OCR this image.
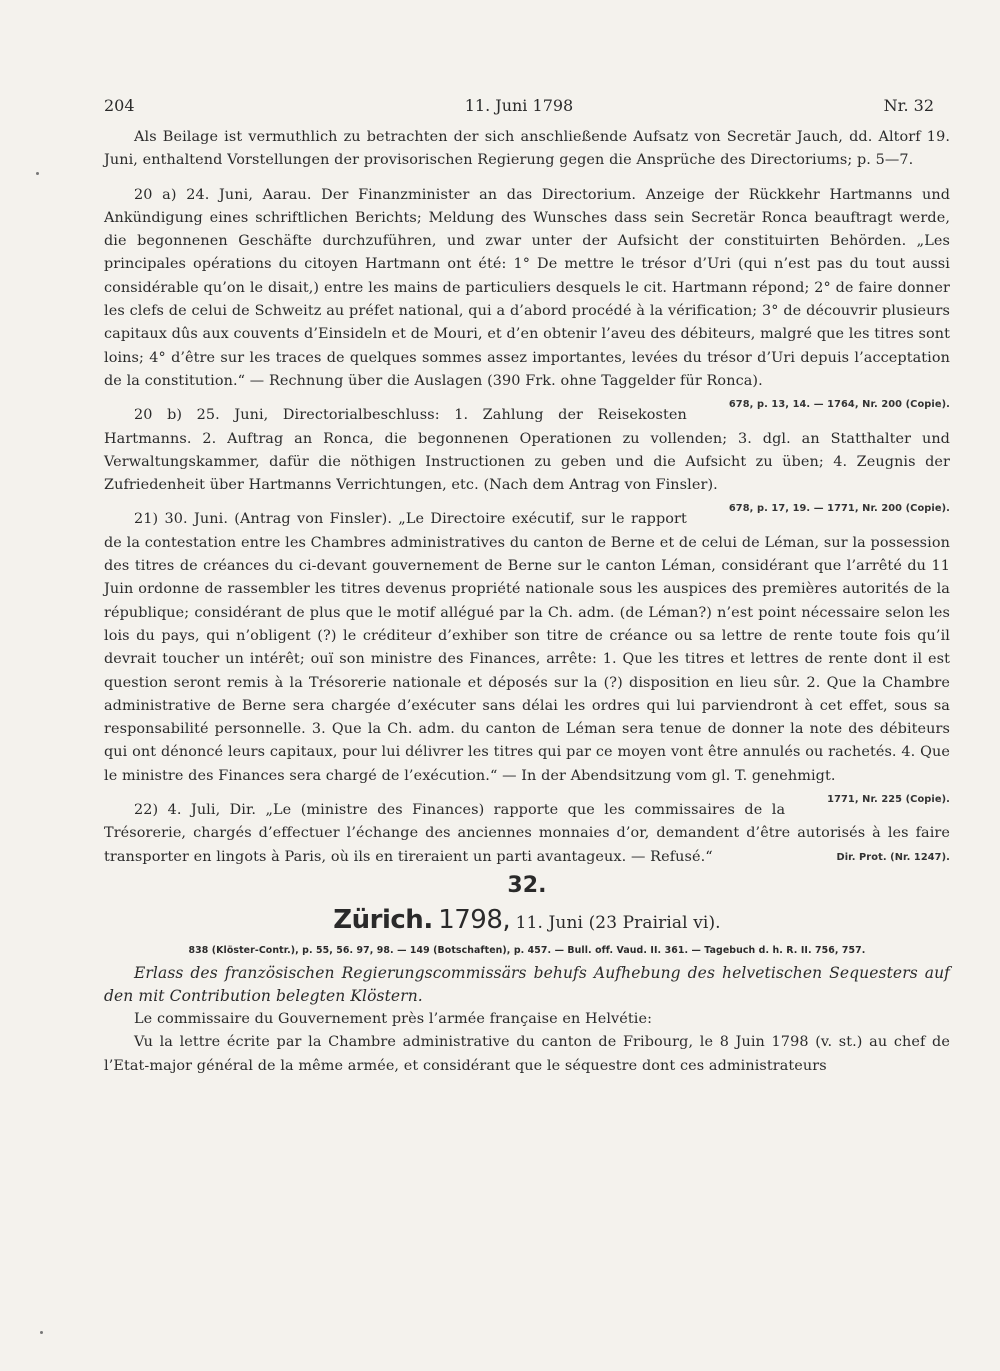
204	11. Juni 1798	Nr. 32

Als Beilage ist vermuthlich zu betrachten der sich anschließende Aufsatz von Secretär Jauch, dd. Altorf 19. Juni, enthaltend Vorstellungen der provisorischen Regierung gegen die Ansprüche des Directoriums; p. 5—7.

20 a) 24. Juni, Aarau. Der Finanzminister an das Directorium. Anzeige der Rückkehr Hartmanns und Ankündigung eines schriftlichen Berichts; Meldung des Wunsches dass sein Secretär Ronca beauftragt werde, die begonnenen Geschäfte durchzuführen, und zwar unter der Aufsicht der constituirten Behörden. „Les principales opérations du citoyen Hartmann ont été: 1° De mettre le trésor d’Uri (qui n’est pas du tout aussi considérable qu’on le disait,) entre les mains de particuliers desquels le cit. Hartmann répond; 2° de faire donner les clefs de celui de Schweitz au préfet national, qui a d’abord procédé à la vérification; 3° de découvrir plusieurs capitaux dûs aux couvents d’Einsideln et de Mouri, et d’en obtenir l’aveu des débiteurs, malgré que les titres sont loins; 4° d’être sur les traces de quelques sommes assez importantes, levées du trésor d’Uri depuis l’acceptation de la constitution.“ — Rechnung über die Auslagen (390 Frk. ohne Taggelder für Ronca).
678, p. 13, 14. — 1764, Nr. 200 (Copie).

20 b) 25. Juni, Directorialbeschluss: 1. Zahlung der Reisekosten Hartmanns. 2. Auftrag an Ronca, die begonnenen Operationen zu vollenden; 3. dgl. an Statthalter und Verwaltungskammer, dafür die nöthigen Instructionen zu geben und die Aufsicht zu üben; 4. Zeugnis der Zufriedenheit über Hartmanns Verrichtungen, etc. (Nach dem Antrag von Finsler).
678, p. 17, 19. — 1771, Nr. 200 (Copie).

21) 30. Juni. (Antrag von Finsler). „Le Directoire exécutif, sur le rapport de la contestation entre les Chambres administratives du canton de Berne et de celui de Léman, sur la possession des titres de créances du ci-devant gouvernement de Berne sur le canton Léman, considérant que l’arrêté du 11 Juin ordonne de rassembler les titres devenus propriété nationale sous les auspices des premières autorités de la république; considérant de plus que le motif allégué par la Ch. adm. (de Léman?) n’est point nécessaire selon les lois du pays, qui n’obligent (?) le créditeur d’exhiber son titre de créance ou sa lettre de rente toute fois qu’il devrait toucher un intérêt; ouï son ministre des Finances, arrête: 1. Que les titres et lettres de rente dont il est question seront remis à la Trésorerie nationale et déposés sur la (?) disposition en lieu sûr. 2. Que la Chambre administrative de Berne sera chargée d’exécuter sans délai les ordres qui lui parviendront à cet effet, sous sa responsabilité personnelle. 3. Que la Ch. adm. du canton de Léman sera tenue de donner la note des débiteurs qui ont dénoncé leurs capitaux, pour lui délivrer les titres qui par ce moyen vont être annulés ou rachetés. 4. Que le ministre des Finances sera chargé de l’exécution.“ — In der Abendsitzung vom gl. T. genehmigt.
1771, Nr. 225 (Copie).

22) 4. Juli, Dir. „Le (ministre des Finances) rapporte que les commissaires de la Trésorerie, chargés d’effectuer l’échange des anciennes monnaies d’or, demandent d’être autorisés à les faire transporter en lingots à Paris, où ils en tireraient un parti avantageux. — Refusé.“	Dir. Prot. (Nr. 1247).

32.

Zürich. 1798, 11. Juni (23 Prairial vi).

838 (Klöster-Contr.), p. 55, 56. 97, 98. — 149 (Botschaften), p. 457. — Bull. off. Vaud. II. 361. — Tagebuch d. h. R. II. 756, 757.

Erlass des französischen Regierungscommissärs behufs Aufhebung des helvetischen Sequesters auf den mit Contribution belegten Klöstern.

Le commissaire du Gouvernement près l’armée française en Helvétie:

Vu la lettre écrite par la Chambre administrative du canton de Fribourg, le 8 Juin 1798 (v. st.) au chef de l’Etat-major général de la même armée, et considérant que le séquestre dont ces administrateurs
